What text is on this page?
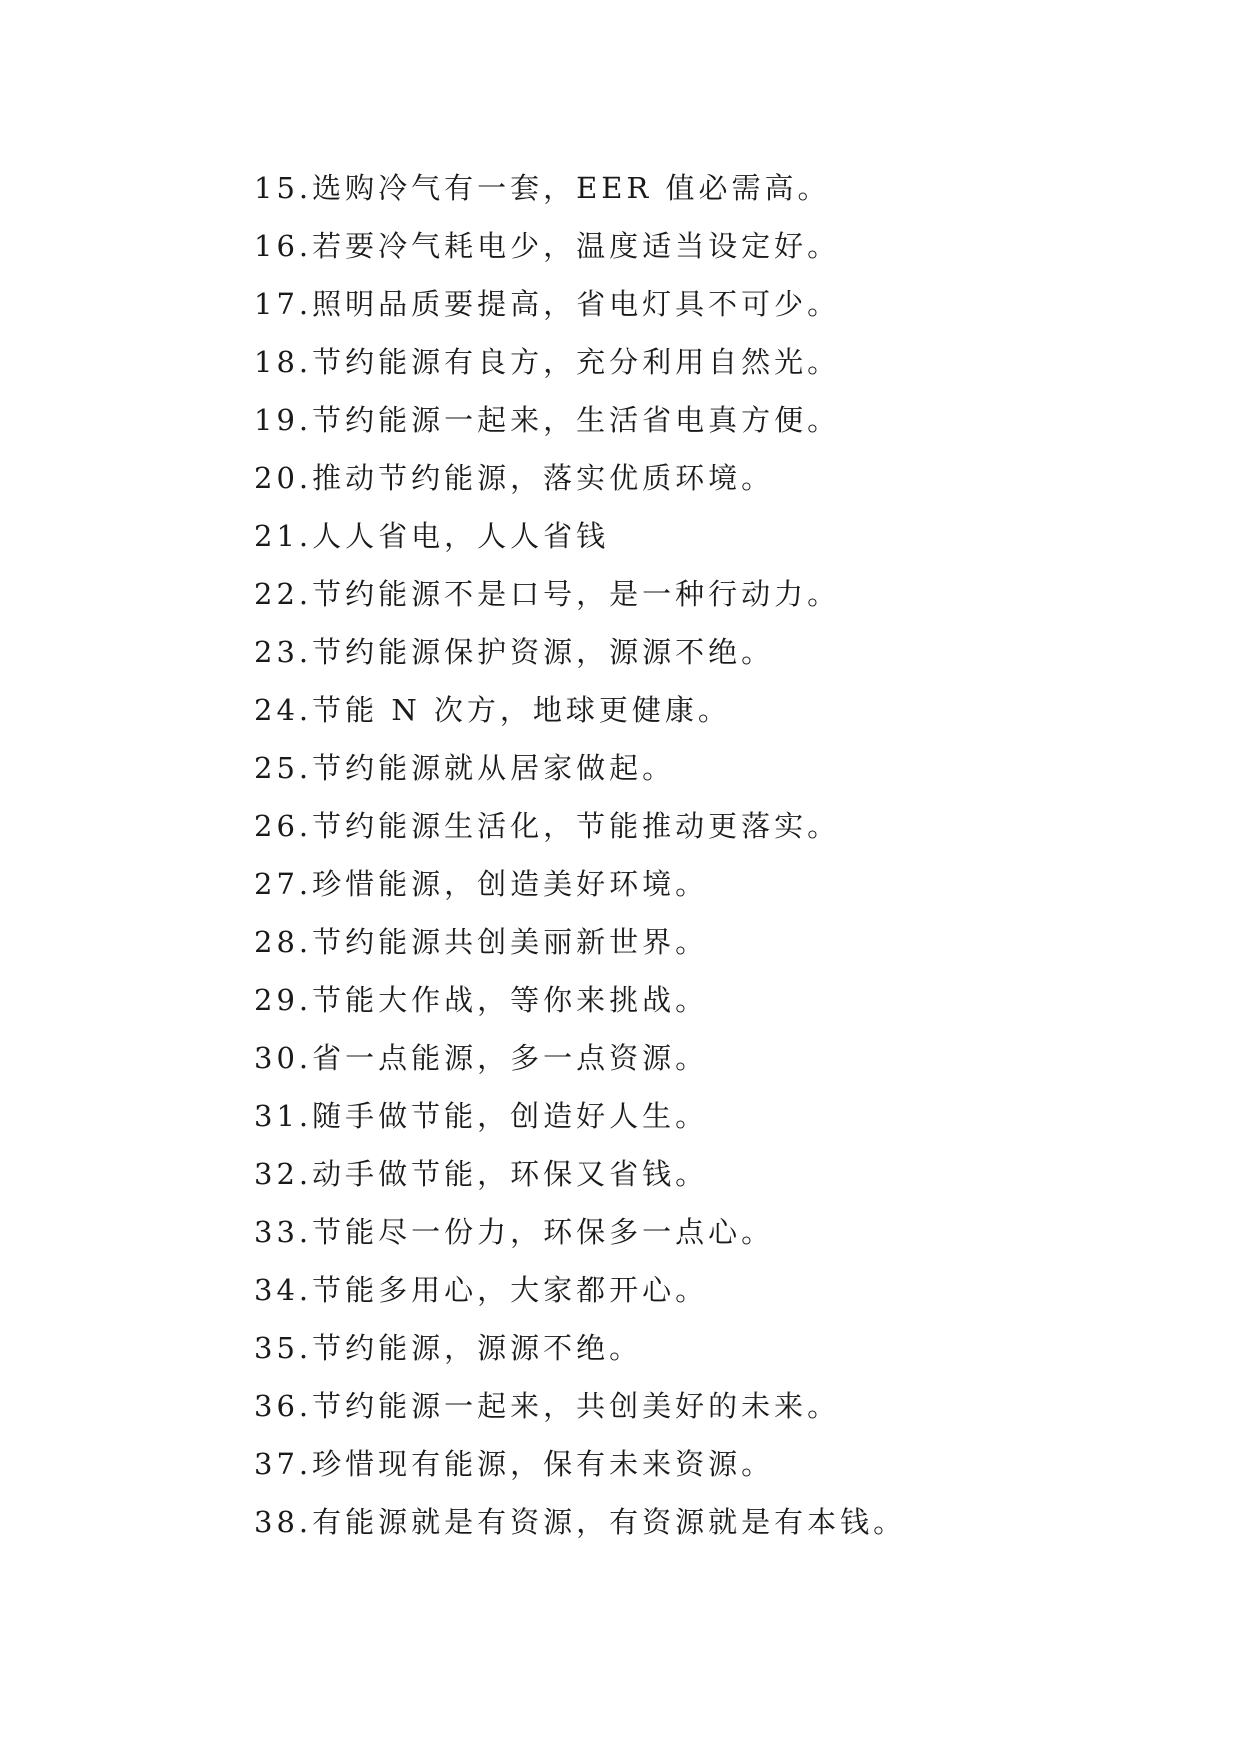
15.选购冷气有一套，EER 值必需高。
16.若要冷气耗电少，温度适当设定好。
17.照明品质要提高，省电灯具不可少。
18.节约能源有良方，充分利用自然光。
19.节约能源一起来，生活省电真方便。
20.推动节约能源，落实优质环境。
21.人人省电，人人省钱
22.节约能源不是口号，是一种行动力。
23.节约能源保护资源，源源不绝。
24.节能 N 次方，地球更健康。
25.节约能源就从居家做起。
26.节约能源生活化，节能推动更落实。
27.珍惜能源，创造美好环境。
28.节约能源共创美丽新世界。
29.节能大作战，等你来挑战。
30.省一点能源，多一点资源。
31.随手做节能，创造好人生。
32.动手做节能，环保又省钱。
33.节能尽一份力，环保多一点心。
34.节能多用心，大家都开心。
35.节约能源，源源不绝。
36.节约能源一起来，共创美好的未来。
37.珍惜现有能源，保有未来资源。
38.有能源就是有资源，有资源就是有本钱。
